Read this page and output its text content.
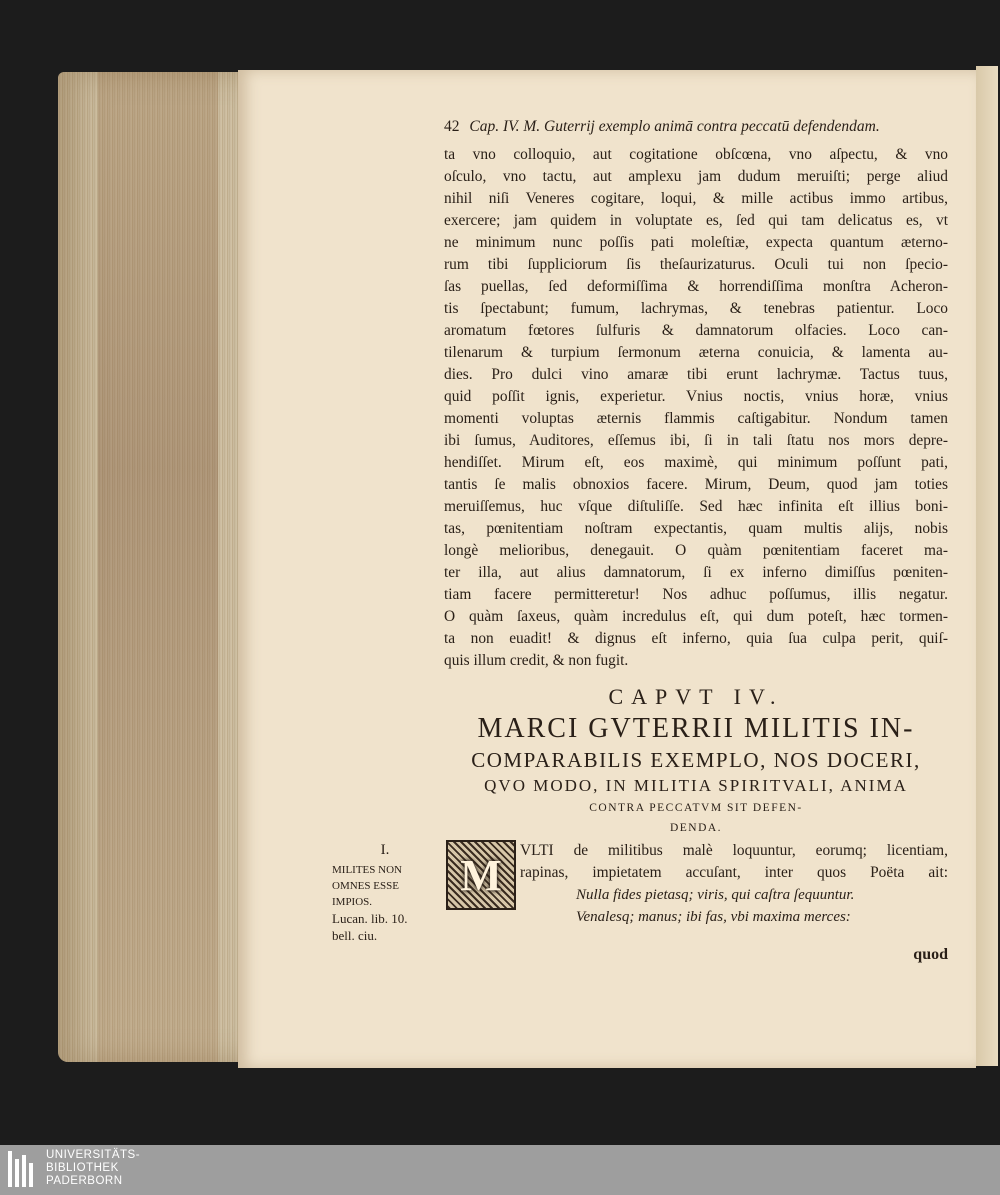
I.
MILITES NON
OMNES ESSE
IMPIOS.
Lucan. lib. 10.
bell. ciu.
42 Cap. IV. M. Guterrij exemplo animā contra peccatū defendendam.
ta vno colloquio, aut cogitatione obſcœna, vno aſpectu, & vno
oſculo, vno tactu, aut amplexu jam dudum meruiſti; perge aliud
nihil niſi Veneres cogitare, loqui, & mille actibus immo artibus,
exercere; jam quidem in voluptate es, ſed qui tam delicatus es, vt
ne minimum nunc poſſis pati moleſtiæ, expecta quantum æterno-
rum tibi ſuppliciorum ſis theſaurizaturus. Oculi tui non ſpecio-
ſas puellas, ſed deformiſſima & horrendiſſima monſtra Acheron-
tis ſpectabunt; fumum, lachrymas, & tenebras patientur. Loco
aromatum fœtores ſulfuris & damnatorum olfacies. Loco can-
tilenarum & turpium ſermonum æterna conuicia, & lamenta au-
dies. Pro dulci vino amaræ tibi erunt lachrymæ. Tactus tuus,
quid poſſit ignis, experietur. Vnius noctis, vnius horæ, vnius
momenti voluptas æternis flammis caſtigabitur. Nondum tamen
ibi ſumus, Auditores, eſſemus ibi, ſi in tali ſtatu nos mors depre-
hendiſſet. Mirum eſt, eos maximè, qui minimum poſſunt pati,
tantis ſe malis obnoxios facere. Mirum, Deum, quod jam toties
meruiſſemus, huc vſque diſtuliſſe. Sed hæc infinita eſt illius boni-
tas, pœnitentiam noſtram expectantis, quam multis alijs, nobis
longè melioribus, denegauit. O quàm pœnitentiam faceret ma-
ter illa, aut alius damnatorum, ſi ex inferno dimiſſus pœniten-
tiam facere permitteretur! Nos adhuc poſſumus, illis negatur.
O quàm ſaxeus, quàm incredulus eſt, qui dum poteſt, hæc tormen-
ta non euadit! & dignus eſt inferno, quia ſua culpa perit, quiſ-
quis illum credit, & non fugit.
CAPVT IV.
MARCI GVTERRII MILITIS IN-
COMPARABILIS EXEMPLO, NOS DOCERI,
QVO MODO, IN MILITIA SPIRITVALI, ANIMA
CONTRA PECCATVM SIT DEFEN-
DENDA.
M VLTI de militibus malè loquuntur, eorumq; licentiam,
rapinas, impietatem accuſant, inter quos Poëta ait:
Nulla fides pietasq; viris, qui caſtra ſequuntur.
Venalesq; manus; ibi fas, vbi maxima merces:
quod
UNIVERSITÄTS-
BIBLIOTHEK
PADERBORN
